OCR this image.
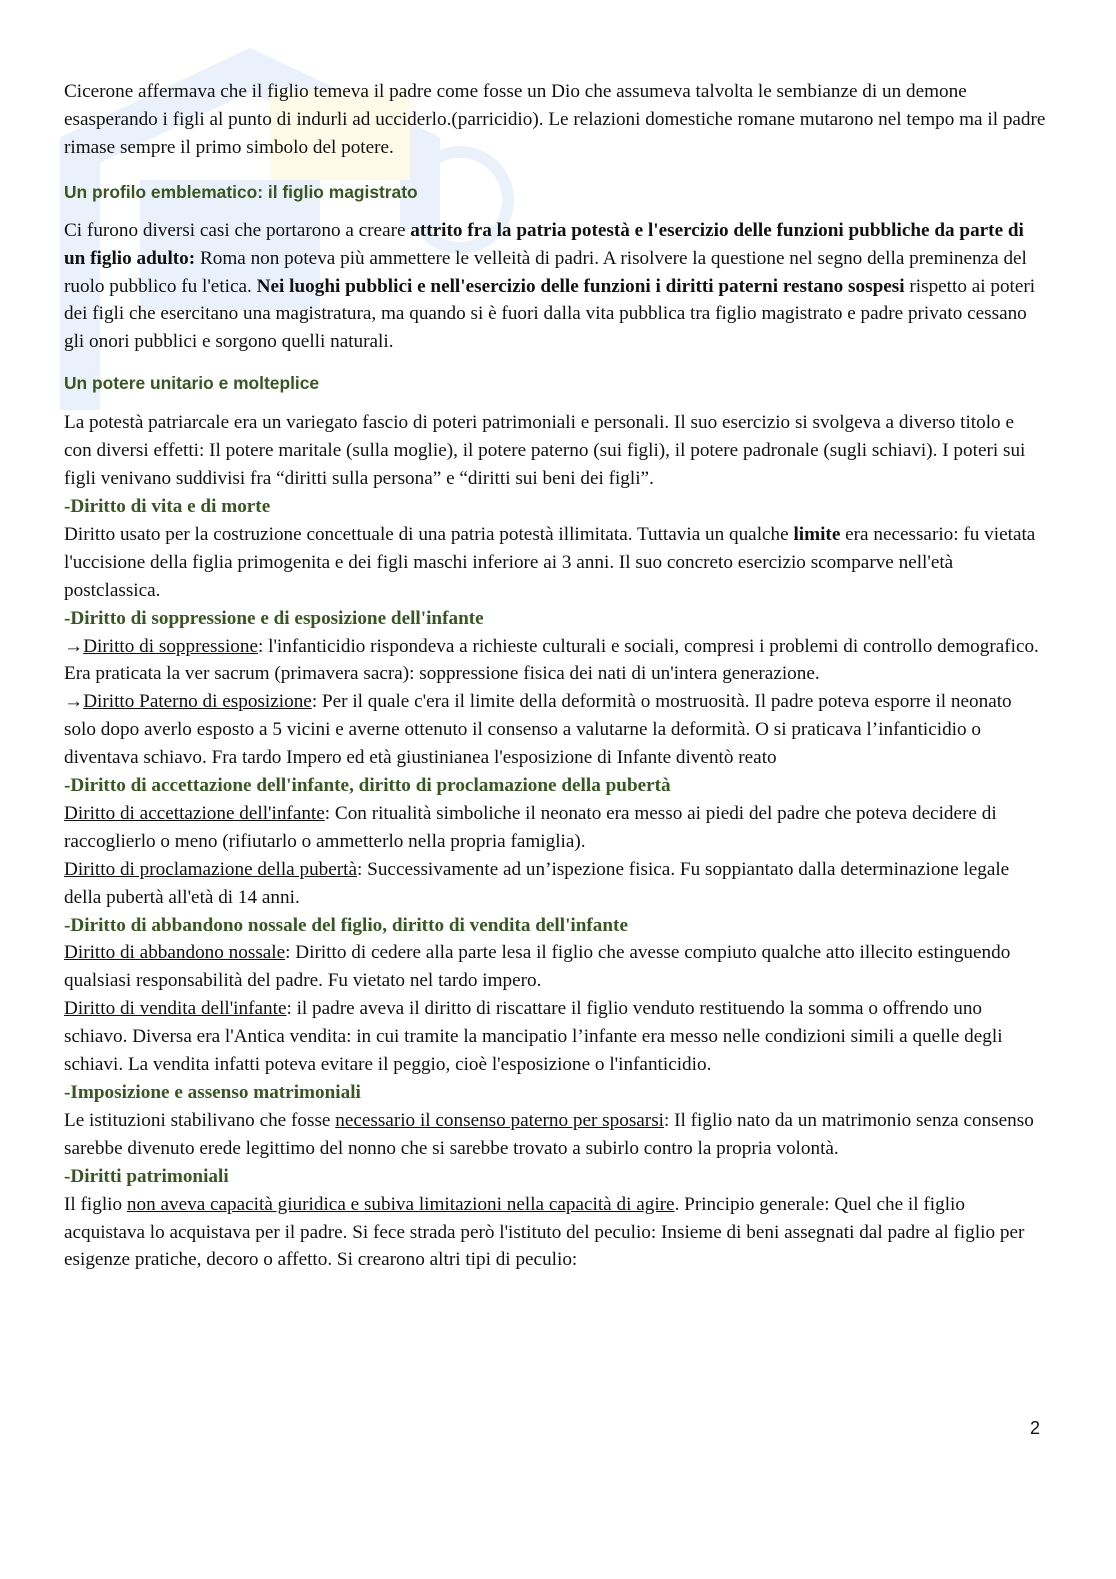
Cicerone affermava che il figlio temeva il padre come fosse un Dio che assumeva talvolta le sembianze di un demone esasperando i figli al punto di indurli ad ucciderlo.(parricidio). Le relazioni domestiche romane mutarono nel tempo ma il padre rimase sempre il primo simbolo del potere.

Un profilo emblematico: il figlio magistrato

Ci furono diversi casi che portarono a creare attrito fra la patria potestà e l'esercizio delle funzioni pubbliche da parte di un figlio adulto: Roma non poteva più ammettere le velleità di padri. A risolvere la questione nel segno della preminenza del ruolo pubblico fu l'etica. Nei luoghi pubblici e nell'esercizio delle funzioni i diritti paterni restano sospesi rispetto ai poteri dei figli che esercitano una magistratura, ma quando si è fuori dalla vita pubblica tra figlio magistrato e padre privato cessano gli onori pubblici e sorgono quelli naturali.

Un potere unitario e molteplice

La potestà patriarcale era un variegato fascio di poteri patrimoniali e personali. Il suo esercizio si svolgeva a diverso titolo e con diversi effetti: Il potere maritale (sulla moglie), il potere paterno (sui figli), il potere padronale (sugli schiavi). I poteri sui figli venivano suddivisi fra “diritti sulla persona” e “diritti sui beni dei figli”.

-Diritto di vita e di morte

Diritto usato per la costruzione concettuale di una patria potestà illimitata. Tuttavia un qualche limite era necessario: fu vietata l'uccisione della figlia primogenita e dei figli maschi inferiore ai 3 anni. Il suo concreto esercizio scomparve nell'età postclassica.

-Diritto di soppressione e di esposizione dell'infante

→Diritto di soppressione: l'infanticidio rispondeva a richieste culturali e sociali, compresi i problemi di controllo demografico. Era praticata la ver sacrum (primavera sacra): soppressione fisica dei nati di un'intera generazione.

→Diritto Paterno di esposizione: Per il quale c'era il limite della deformità o mostruosità. Il padre poteva esporre il neonato solo dopo averlo esposto a 5 vicini e averne ottenuto il consenso a valutarne la deformità. O si praticava l’infanticidio o diventava schiavo. Fra tardo Impero ed età giustinianea l'esposizione di Infante diventò reato

-Diritto di accettazione dell'infante, diritto di proclamazione della pubertà

Diritto di accettazione dell'infante: Con ritualità simboliche il neonato era messo ai piedi del padre che poteva decidere di raccoglierlo o meno (rifiutarlo o ammetterlo nella propria famiglia).

Diritto di proclamazione della pubertà: Successivamente ad un’ispezione fisica. Fu soppiantato dalla determinazione legale della pubertà all'età di 14 anni.

-Diritto di abbandono nossale del figlio, diritto di vendita dell'infante

Diritto di abbandono nossale: Diritto di cedere alla parte lesa il figlio che avesse compiuto qualche atto illecito estinguendo qualsiasi responsabilità del padre. Fu vietato nel tardo impero.

Diritto di vendita dell'infante: il padre aveva il diritto di riscattare il figlio venduto restituendo la somma o offrendo uno schiavo. Diversa era l'Antica vendita: in cui tramite la mancipatio l’infante era messo nelle condizioni simili a quelle degli schiavi. La vendita infatti poteva evitare il peggio, cioè l'esposizione o l'infanticidio.

-Imposizione e assenso matrimoniali

Le istituzioni stabilivano che fosse necessario il consenso paterno per sposarsi: Il figlio nato da un matrimonio senza consenso sarebbe divenuto erede legittimo del nonno che si sarebbe trovato a subirlo contro la propria volontà.

-Diritti patrimoniali

Il figlio non aveva capacità giuridica e subiva limitazioni nella capacità di agire. Principio generale: Quel che il figlio acquistava lo acquistava per il padre. Si fece strada però l'istituto del peculio: Insieme di beni assegnati dal padre al figlio per esigenze pratiche, decoro o affetto. Si crearono altri tipi di peculio:

2
